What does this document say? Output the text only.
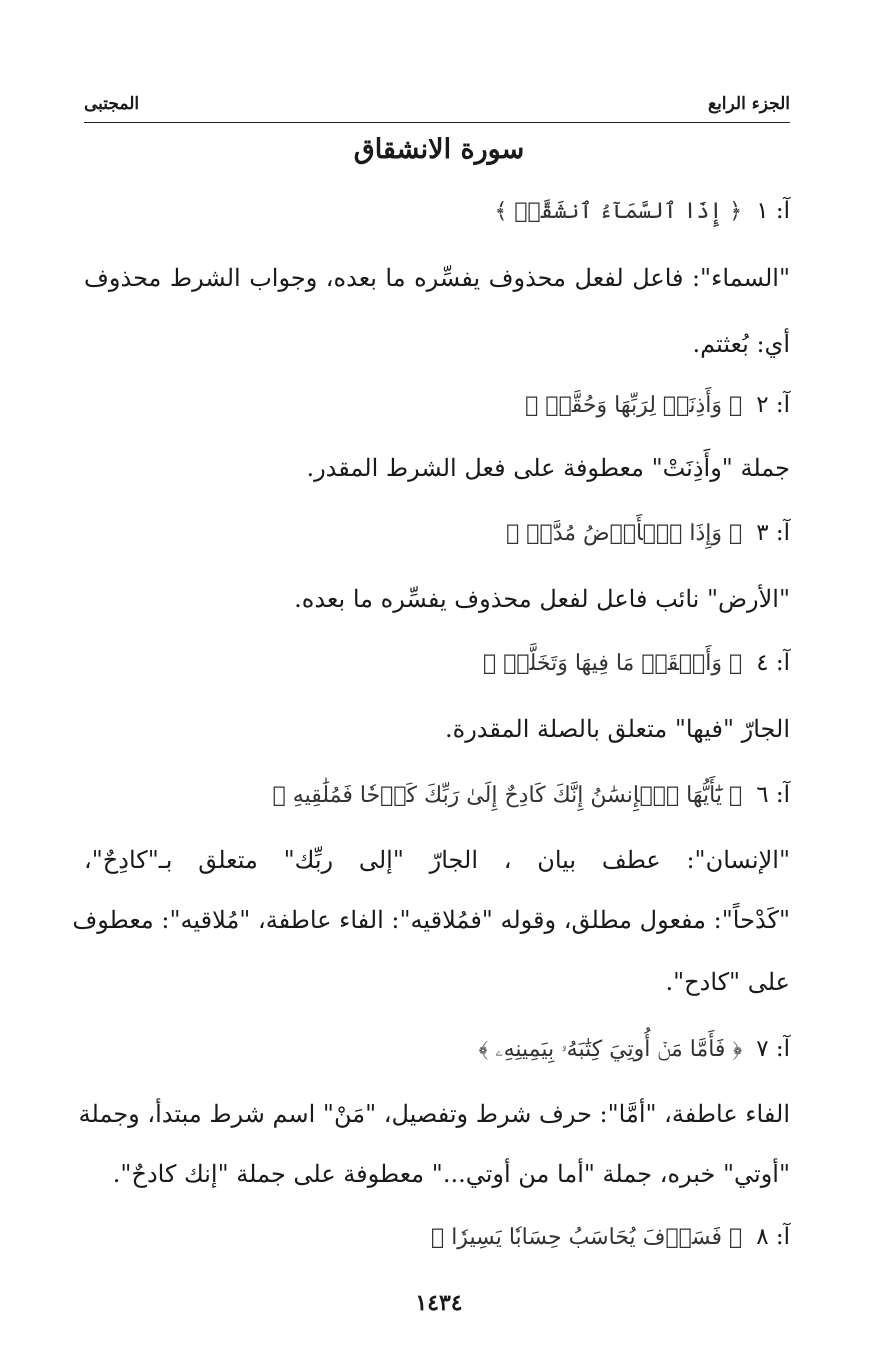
الجزء الرابع
المجتبى
سورة الانشقاق
آ: ١﴿ إِذَا ٱلسَّمَآءُ ٱنشَقَّتۡ ﴾
"السماء": فاعل لفعل محذوف يفسِّره ما بعده، وجواب الشرط محذوف
أي: بُعثتم.
آ: ٢﴿ وَأَذِنَتۡ لِرَبِّهَا وَحُقَّتۡ ﴾
جملة "وأَذِنَتْ" معطوفة على فعل الشرط المقدر.
آ: ٣﴿ وَإِذَا ٱلۡأَرۡضُ مُدَّتۡ ﴾
"الأرض" نائب فاعل لفعل محذوف يفسِّره ما بعده.
آ: ٤﴿ وَأَلۡقَتۡ مَا فِيهَا وَتَخَلَّتۡ ﴾
الجارّ "فيها" متعلق بالصلة المقدرة.
آ: ٦﴿ يَٰٓأَيُّهَا ٱلۡإِنسَٰنُ إِنَّكَ كَادِحٌ إِلَىٰ رَبِّكَ كَدۡحٗا فَمُلَٰقِيهِ ﴾
"الإنسان": عطف بيان ، الجارّ "إلى ربِّك" متعلق بـ"كادِحٌ"،
"كَدْحاً": مفعول مطلق، وقوله "فمُلاقيه": الفاء عاطفة، "مُلاقيه": معطوف
على "كادح".
آ: ٧﴿ فَأَمَّا مَنۡ أُوتِيَ كِتَٰبَهُۥ بِيَمِينِهِۦ ﴾
الفاء عاطفة، "أمَّا": حرف شرط وتفصيل، "مَنْ" اسم شرط مبتدأ، وجملة
"أوتي" خبره، جملة "أما من أوتي..." معطوفة على جملة "إنك كادحٌ".
آ: ٨﴿ فَسَوۡفَ يُحَاسَبُ حِسَابٗا يَسِيرٗا ﴾
١٤٣٤
